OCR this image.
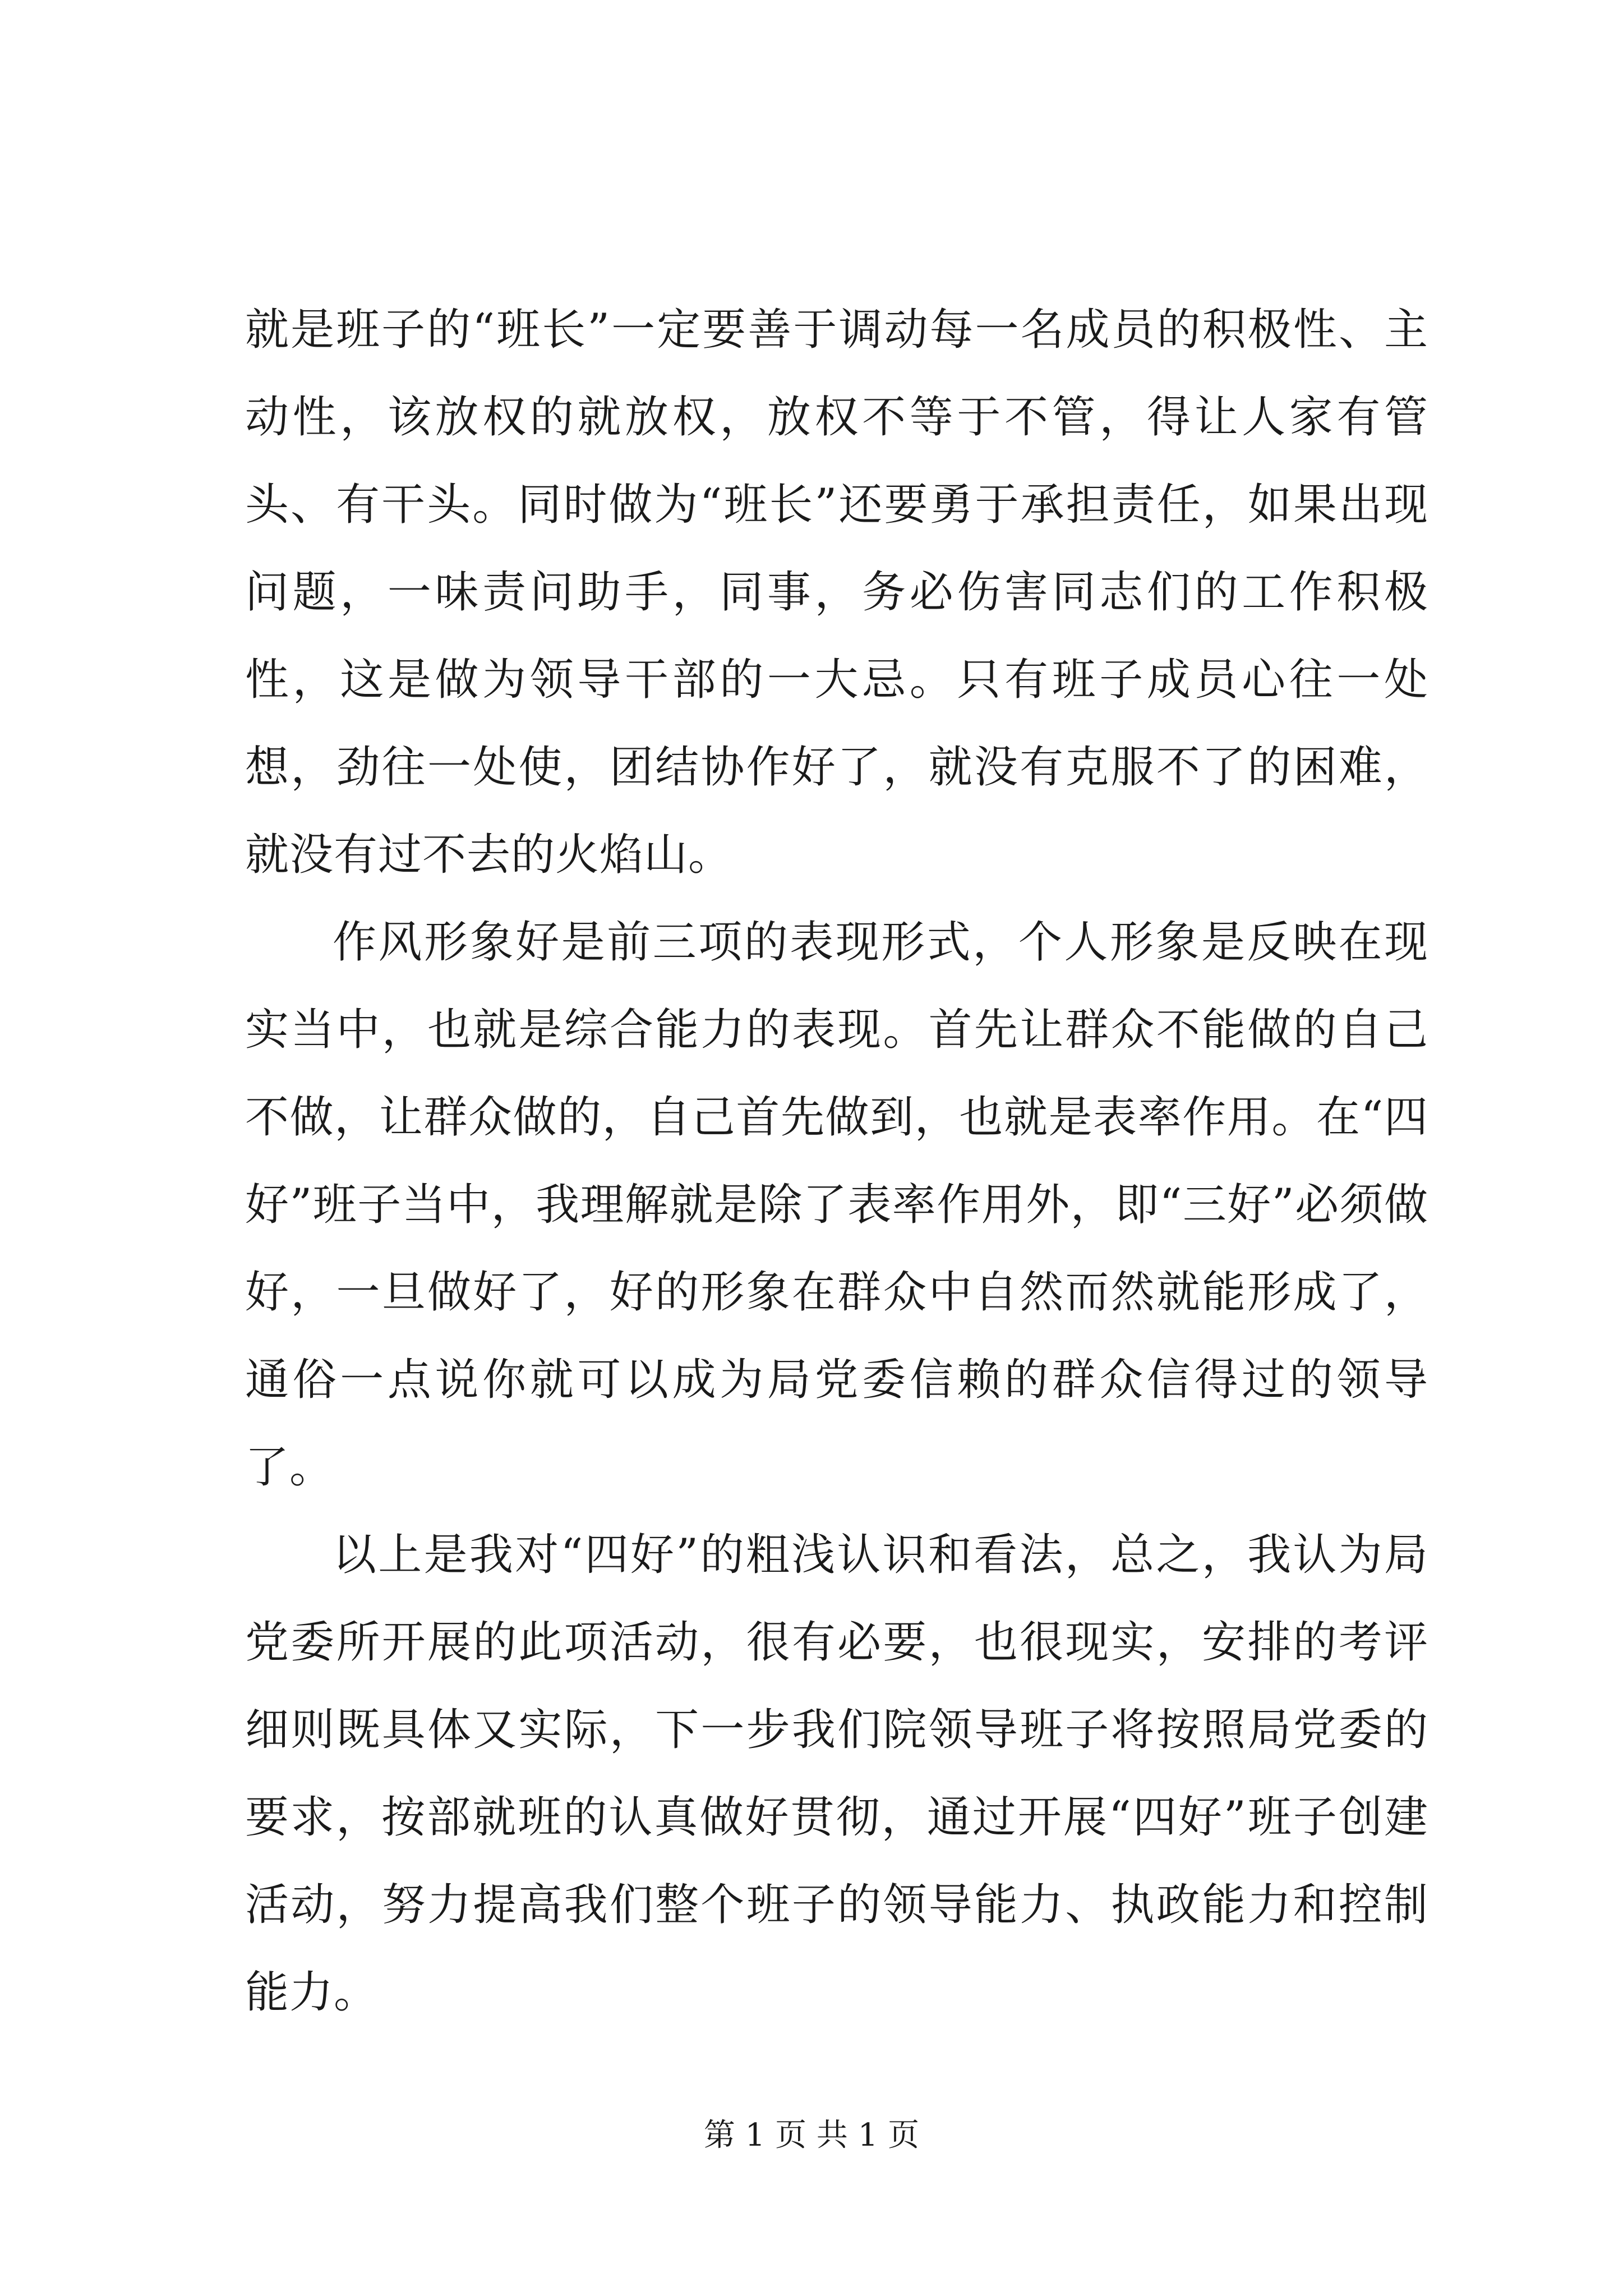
就是班子的“班长”一定要善于调动每一名成员的积极性、主动性，该放权的就放权，放权不等于不管，得让人家有管头、有干头。同时做为“班长”还要勇于承担责任，如果出现问题，一味责问助手，同事，务必伤害同志们的工作积极性，这是做为领导干部的一大忌。只有班子成员心往一处想，劲往一处使，团结协作好了，就没有克服不了的困难，就没有过不去的火焰山。

作风形象好是前三项的表现形式，个人形象是反映在现实当中，也就是综合能力的表现。首先让群众不能做的自己不做，让群众做的，自己首先做到，也就是表率作用。在“四好”班子当中，我理解就是除了表率作用外，即“三好”必须做好，一旦做好了，好的形象在群众中自然而然就能形成了，通俗一点说你就可以成为局党委信赖的群众信得过的领导了。

以上是我对“四好”的粗浅认识和看法，总之，我认为局党委所开展的此项活动，很有必要，也很现实，安排的考评细则既具体又实际，下一步我们院领导班子将按照局党委的要求，按部就班的认真做好贯彻，通过开展“四好”班子创建活动，努力提高我们整个班子的领导能力、执政能力和控制能力。

第 1 页 共 1 页
